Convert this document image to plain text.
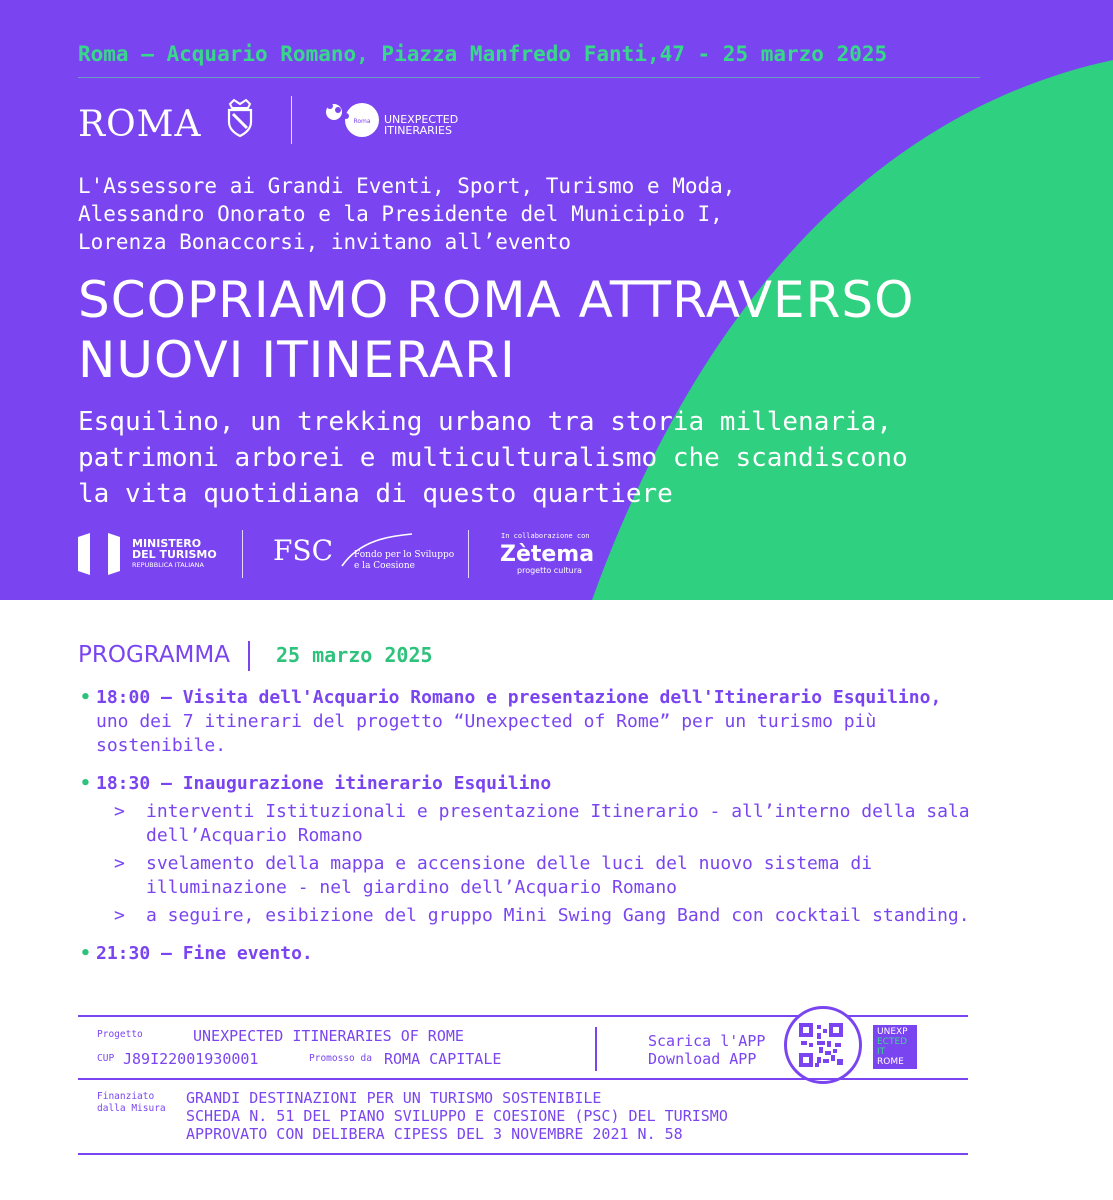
Roma — Acquario Romano, Piazza Manfredo Fanti,47 - 25 marzo 2025
ROMA	Roma UNEXPECTED
ITINERARIES
L'Assessore ai Grandi Eventi, Sport, Turismo e Moda,
Alessandro Onorato e la Presidente del Municipio I,
Lorenza Bonaccorsi, invitano all’evento
SCOPRIAMO ROMA ATTRAVERSO
NUOVI ITINERARI
Esquilino, un trekking urbano tra storia millenaria,
patrimoni arborei e multiculturalismo che scandiscono
la vita quotidiana di questo quartiere
MINISTERO
DEL TURISMO
REPUBBLICA ITALIANA	FSC Fondo per lo Sviluppo
e la Coesione
In collaborazione con
Zètema
progetto cultura
PROGRAMMA 25 marzo 2025
• 18:00 — Visita dell'Acquario Romano e presentazione dell'Itinerario Esquilino, uno dei 7 itinerari del progetto “Unexpected of Rome” per un turismo più sostenibile.
• 18:30 — Inaugurazione itinerario Esquilino
> interventi Istituzionali e presentazione Itinerario - all’interno della sala dell’Acquario Romano
> svelamento della mappa e accensione delle luci del nuovo sistema di illuminazione - nel giardino dell’Acquario Romano
> a seguire, esibizione del gruppo Mini Swing Gang Band con cocktail standing.
• 21:30 — Fine evento.
Progetto	UNEXPECTED ITINERARIES OF ROME
CUP J89I22001930001	Promosso da ROMA CAPITALE
Scarica l'APP
Download APP
UNEXP
ECTED
IT
ROME
Finanziato
dalla Misura
GRANDI DESTINAZIONI PER UN TURISMO SOSTENIBILE
SCHEDA N. 51 DEL PIANO SVILUPPO E COESIONE (PSC) DEL TURISMO
APPROVATO CON DELIBERA CIPESS DEL 3 NOVEMBRE 2021 N. 58
